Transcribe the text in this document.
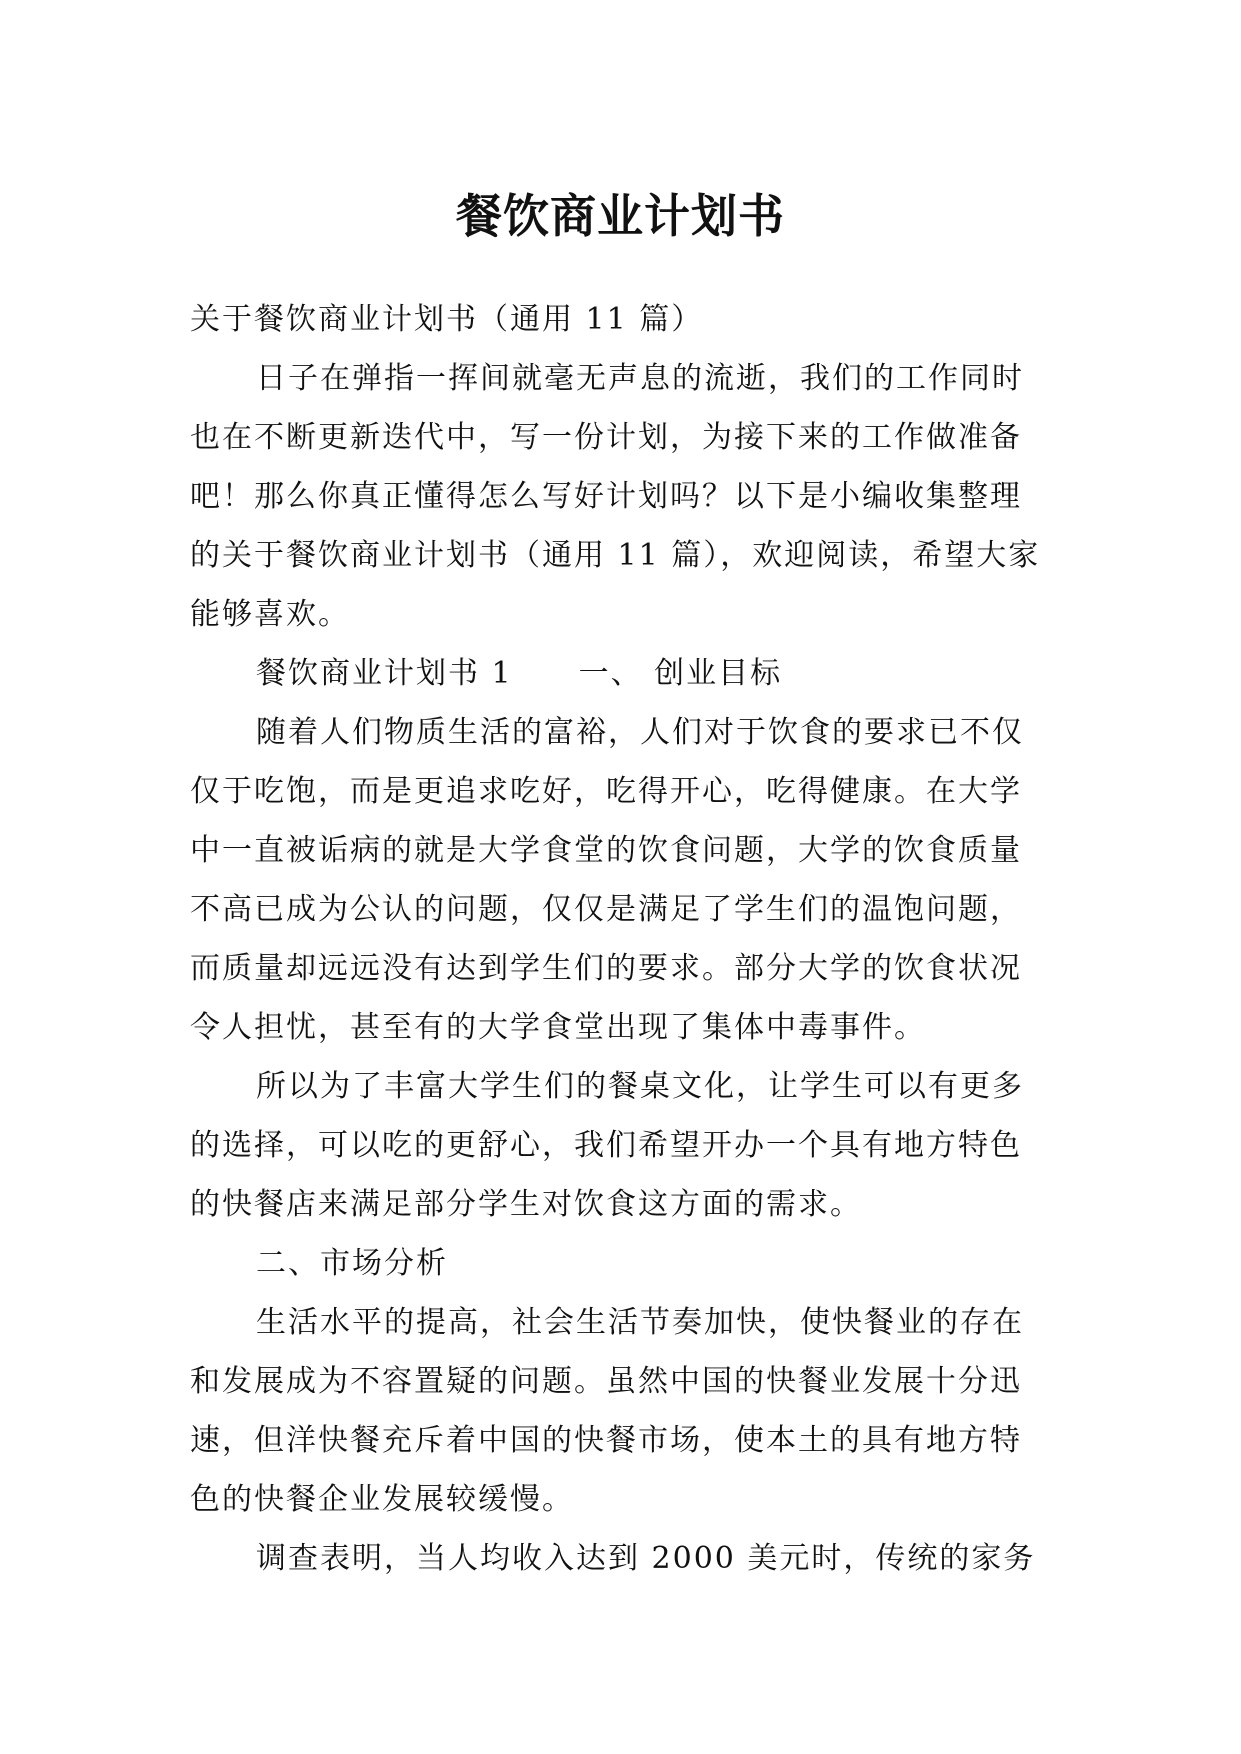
餐饮商业计划书

关于餐饮商业计划书（通用 11 篇）

日子在弹指一挥间就毫无声息的流逝，我们的工作同时也在不断更新迭代中，写一份计划，为接下来的工作做准备吧！那么你真正懂得怎么写好计划吗？以下是小编收集整理的关于餐饮商业计划书（通用 11 篇），欢迎阅读，希望大家能够喜欢。

餐饮商业计划书 1 一、 创业目标

随着人们物质生活的富裕，人们对于饮食的要求已不仅仅于吃饱，而是更追求吃好，吃得开心，吃得健康。在大学中一直被诟病的就是大学食堂的饮食问题，大学的饮食质量不高已成为公认的问题，仅仅是满足了学生们的温饱问题，而质量却远远没有达到学生们的要求。部分大学的饮食状况令人担忧，甚至有的大学食堂出现了集体中毒事件。

所以为了丰富大学生们的餐桌文化，让学生可以有更多的选择，可以吃的更舒心，我们希望开办一个具有地方特色的快餐店来满足部分学生对饮食这方面的需求。

二、市场分析

生活水平的提高，社会生活节奏加快，使快餐业的存在和发展成为不容置疑的问题。虽然中国的快餐业发展十分迅速，但洋快餐充斥着中国的快餐市场，使本土的具有地方特色的快餐企业发展较缓慢。

调查表明，当人均收入达到 2000 美元时，传统的家务
